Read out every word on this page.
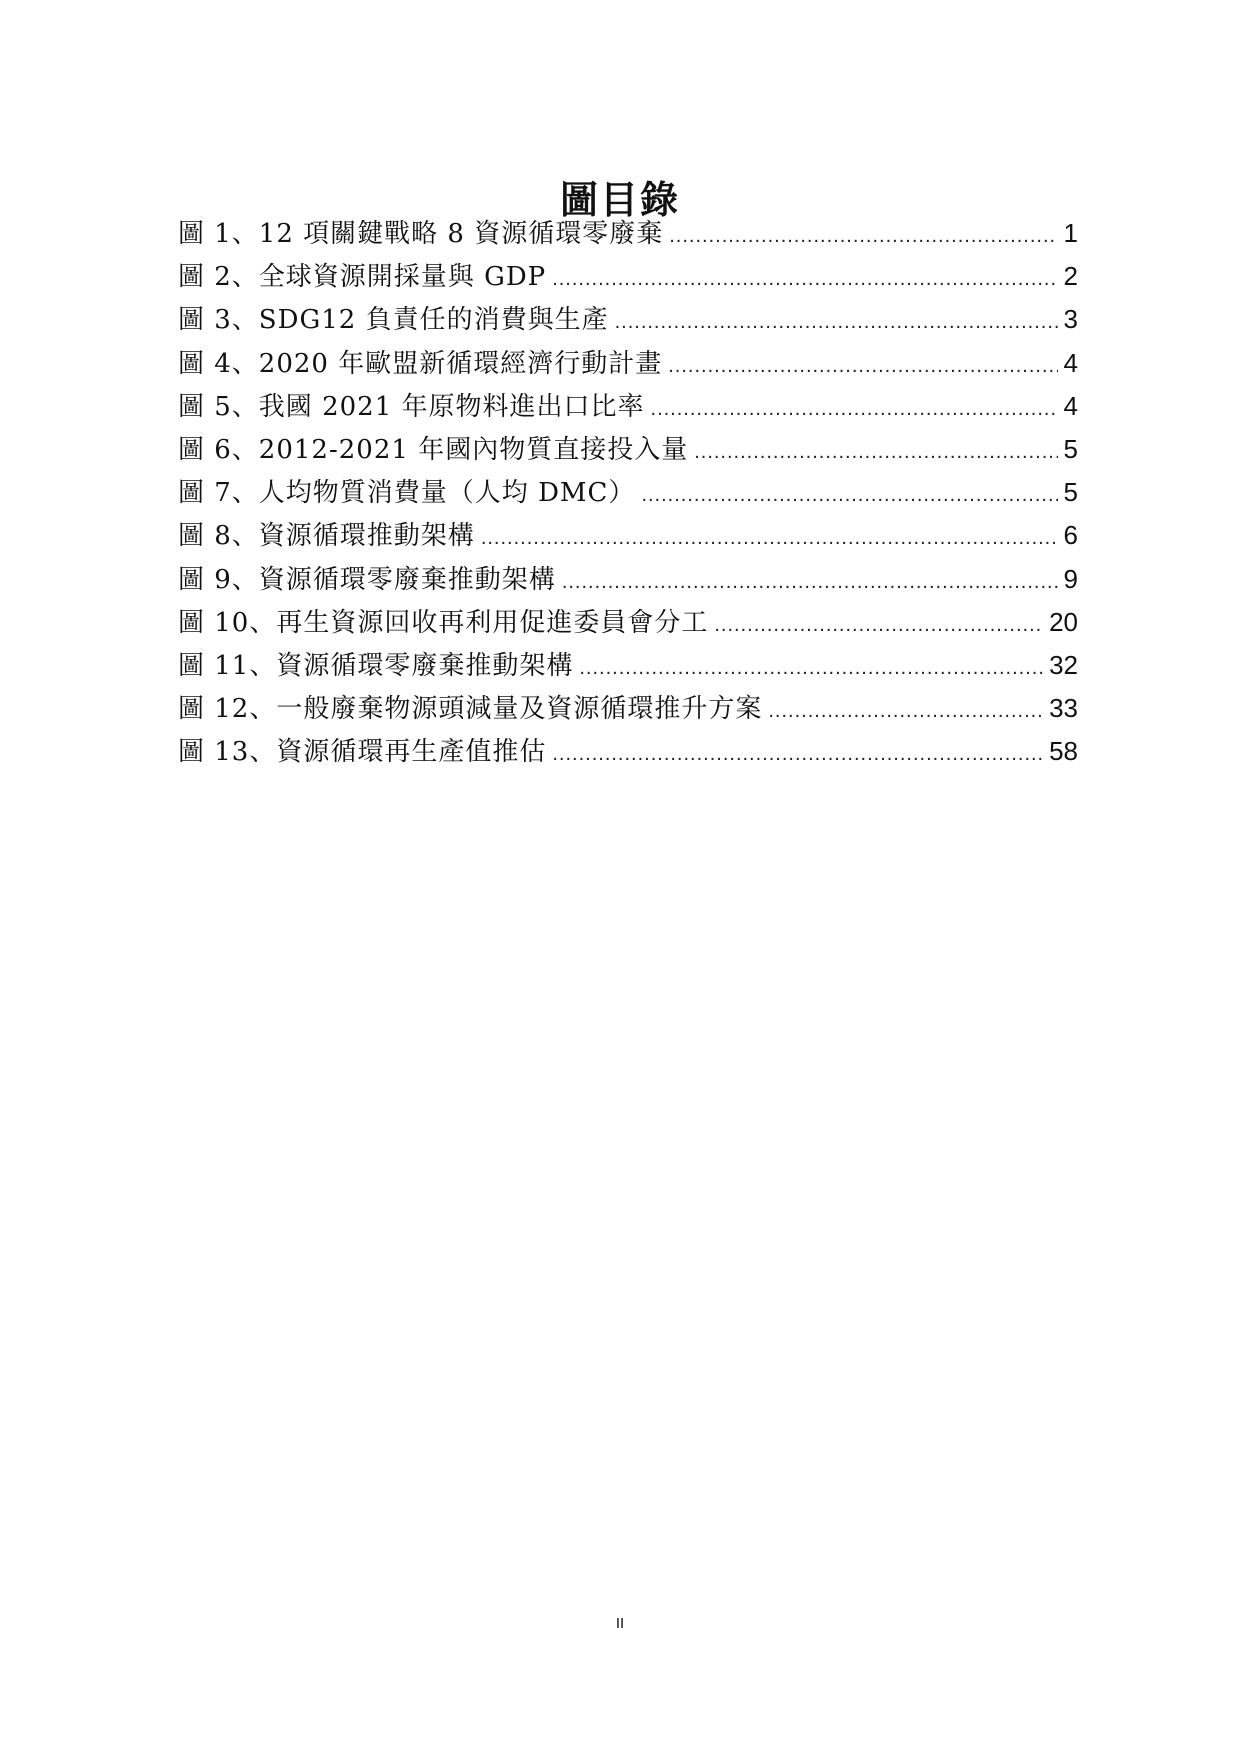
圖目錄
圖 1、12 項關鍵戰略 8 資源循環零廢棄 .....	1
圖 2、全球資源開採量與 GDP .....	2
圖 3、SDG12 負責任的消費與生產 .....	3
圖 4、2020 年歐盟新循環經濟行動計畫 .....	4
圖 5、我國 2021 年原物料進出口比率 .....	4
圖 6、2012-2021 年國內物質直接投入量 .....	5
圖 7、人均物質消費量（人均 DMC） .....	5
圖 8、資源循環推動架構 .....	6
圖 9、資源循環零廢棄推動架構 .....	9
圖 10、再生資源回收再利用促進委員會分工 .....	20
圖 11、資源循環零廢棄推動架構 .....	32
圖 12、一般廢棄物源頭減量及資源循環推升方案 .....	33
圖 13、資源循環再生產值推估 .....	58
II
